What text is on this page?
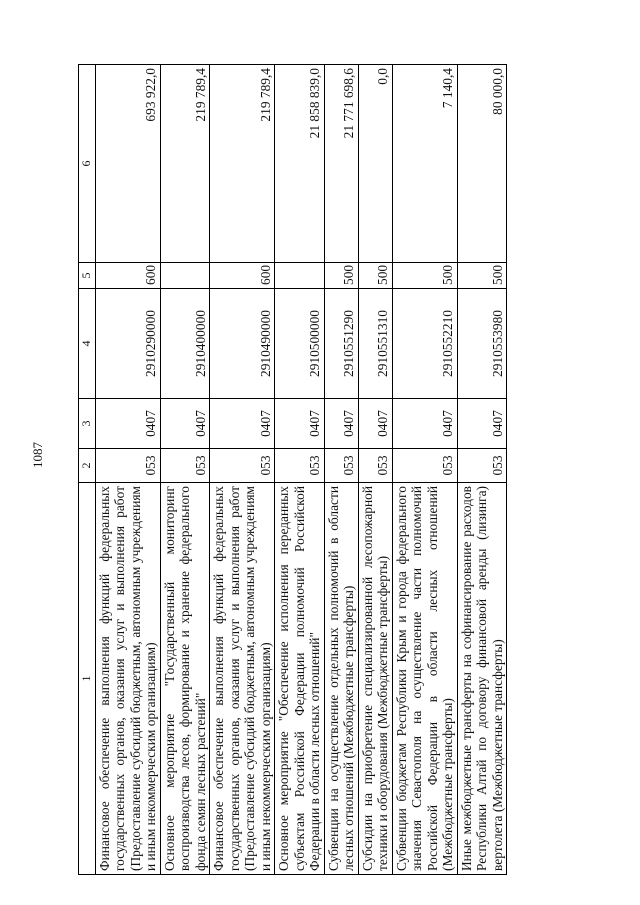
1087
1	2	3	4	5	6
Финансовое обеспечение выполнения функций федеральных государственных органов, оказания услуг и выполнения работ (Предоставление субсидий бюджетным, автономным учреждениям и иным некоммерческим организациям)	053	0407	2910290000	600	693 922,0
Основное мероприятие "Государственный мониторинг воспроизводства лесов, формирование и хранение федерального фонда семян лесных растений"	053	0407	2910400000		219 789,4
Финансовое обеспечение выполнения функций федеральных государственных органов, оказания услуг и выполнения работ (Предоставление субсидий бюджетным, автономным учреждениям и иным некоммерческим организациям)	053	0407	2910490000	600	219 789,4
Основное мероприятие "Обеспечение исполнения переданных субъектам Российской Федерации полномочий Российской Федерации в области лесных отношений"	053	0407	2910500000		21 858 839,0
Субвенции на осуществление отдельных полномочий в области лесных отношений (Межбюджетные трансферты)	053	0407	2910551290	500	21 771 698,6
Субсидии на приобретение специализированной лесопожарной техники и оборудования (Межбюджетные трансферты)	053	0407	2910551310	500	0,0
Субвенции бюджетам Республики Крым и города федерального значения Севастополя на осуществление части полномочий Российской Федерации в области лесных отношений (Межбюджетные трансферты)	053	0407	2910552210	500	7 140,4
Иные межбюджетные трансферты на софинансирование расходов Республики Алтай по договору финансовой аренды (лизинга) вертолета (Межбюджетные трансферты)	053	0407	2910553980	500	80 000,0
